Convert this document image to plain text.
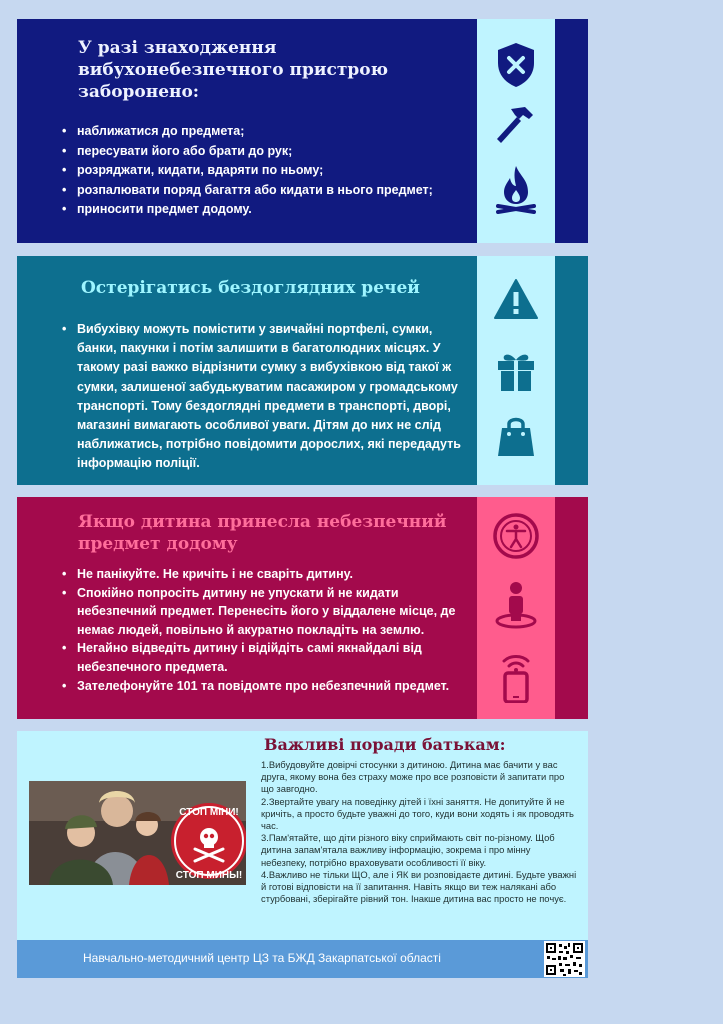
У разі знаходження вибухонебезпечного пристрою заборонено:
• наближатися до предмета;
• пересувати його або брати до рук;
• розряджати, кидати, вдаряти по ньому;
• розпалювати поряд багаття або кидати в нього предмет;
• приносити предмет додому.
Остерігатись бездоглядних речей
• Вибухівку можуть помістити у звичайні портфелі, сумки, банки, пакунки і потім залишити в багатолюдних місцях. У такому разі важко відрізнити сумку з вибухівкою від такої ж сумки, залишеної забудькуватим пасажиром у громадському транспорті. Тому бездоглядні предмети в транспорті, дворі, магазині вимагають особливої уваги. Дітям до них не слід наближатись, потрібно повідомити дорослих, які передадуть інформацію поліції.
Якщо дитина принесла небезпечний предмет додому
• Не панікуйте. Не кричіть і не сваріть дитину.
• Спокійно попросіть дитину не упускати й не кидати небезпечний предмет. Перенесіть його у віддалене місце, де немає людей, повільно й акуратно покладіть на землю.
• Негайно відведіть дитину і відійдіть самі якнайдалі від небезпечного предмета.
• Зателефонуйте 101 та повідомте про небезпечний предмет.
СТОП МІНИ!
СТОП МИНЫ!
Важливі поради батькам:

1.Вибудовуйте довірчі стосунки з дитиною. Дитина має бачити у вас друга, якому вона без страху може про все розповісти й запитати про що завгодно.
2.Звертайте увагу на поведінку дітей і їхні заняття. Не допитуйте й не кричіть, а просто будьте уважні до того, куди вони ходять і як проводять час.
3.Пам'ятайте, що діти різного віку сприймають світ по-різному. Щоб дитина запам'ятала важливу інформацію, зокрема і про мінну небезпеку, потрібно враховувати особливості її віку.
4.Важливо не тільки ЩО, але і ЯК ви розповідаєте дитині. Будьте уважні й готові відповісти на її запитання. Навіть якщо ви теж налякані або стурбовані, зберігайте рівний тон. Інакше дитина вас просто не почує.

Навчально-методичний центр ЦЗ та БЖД Закарпатської області
